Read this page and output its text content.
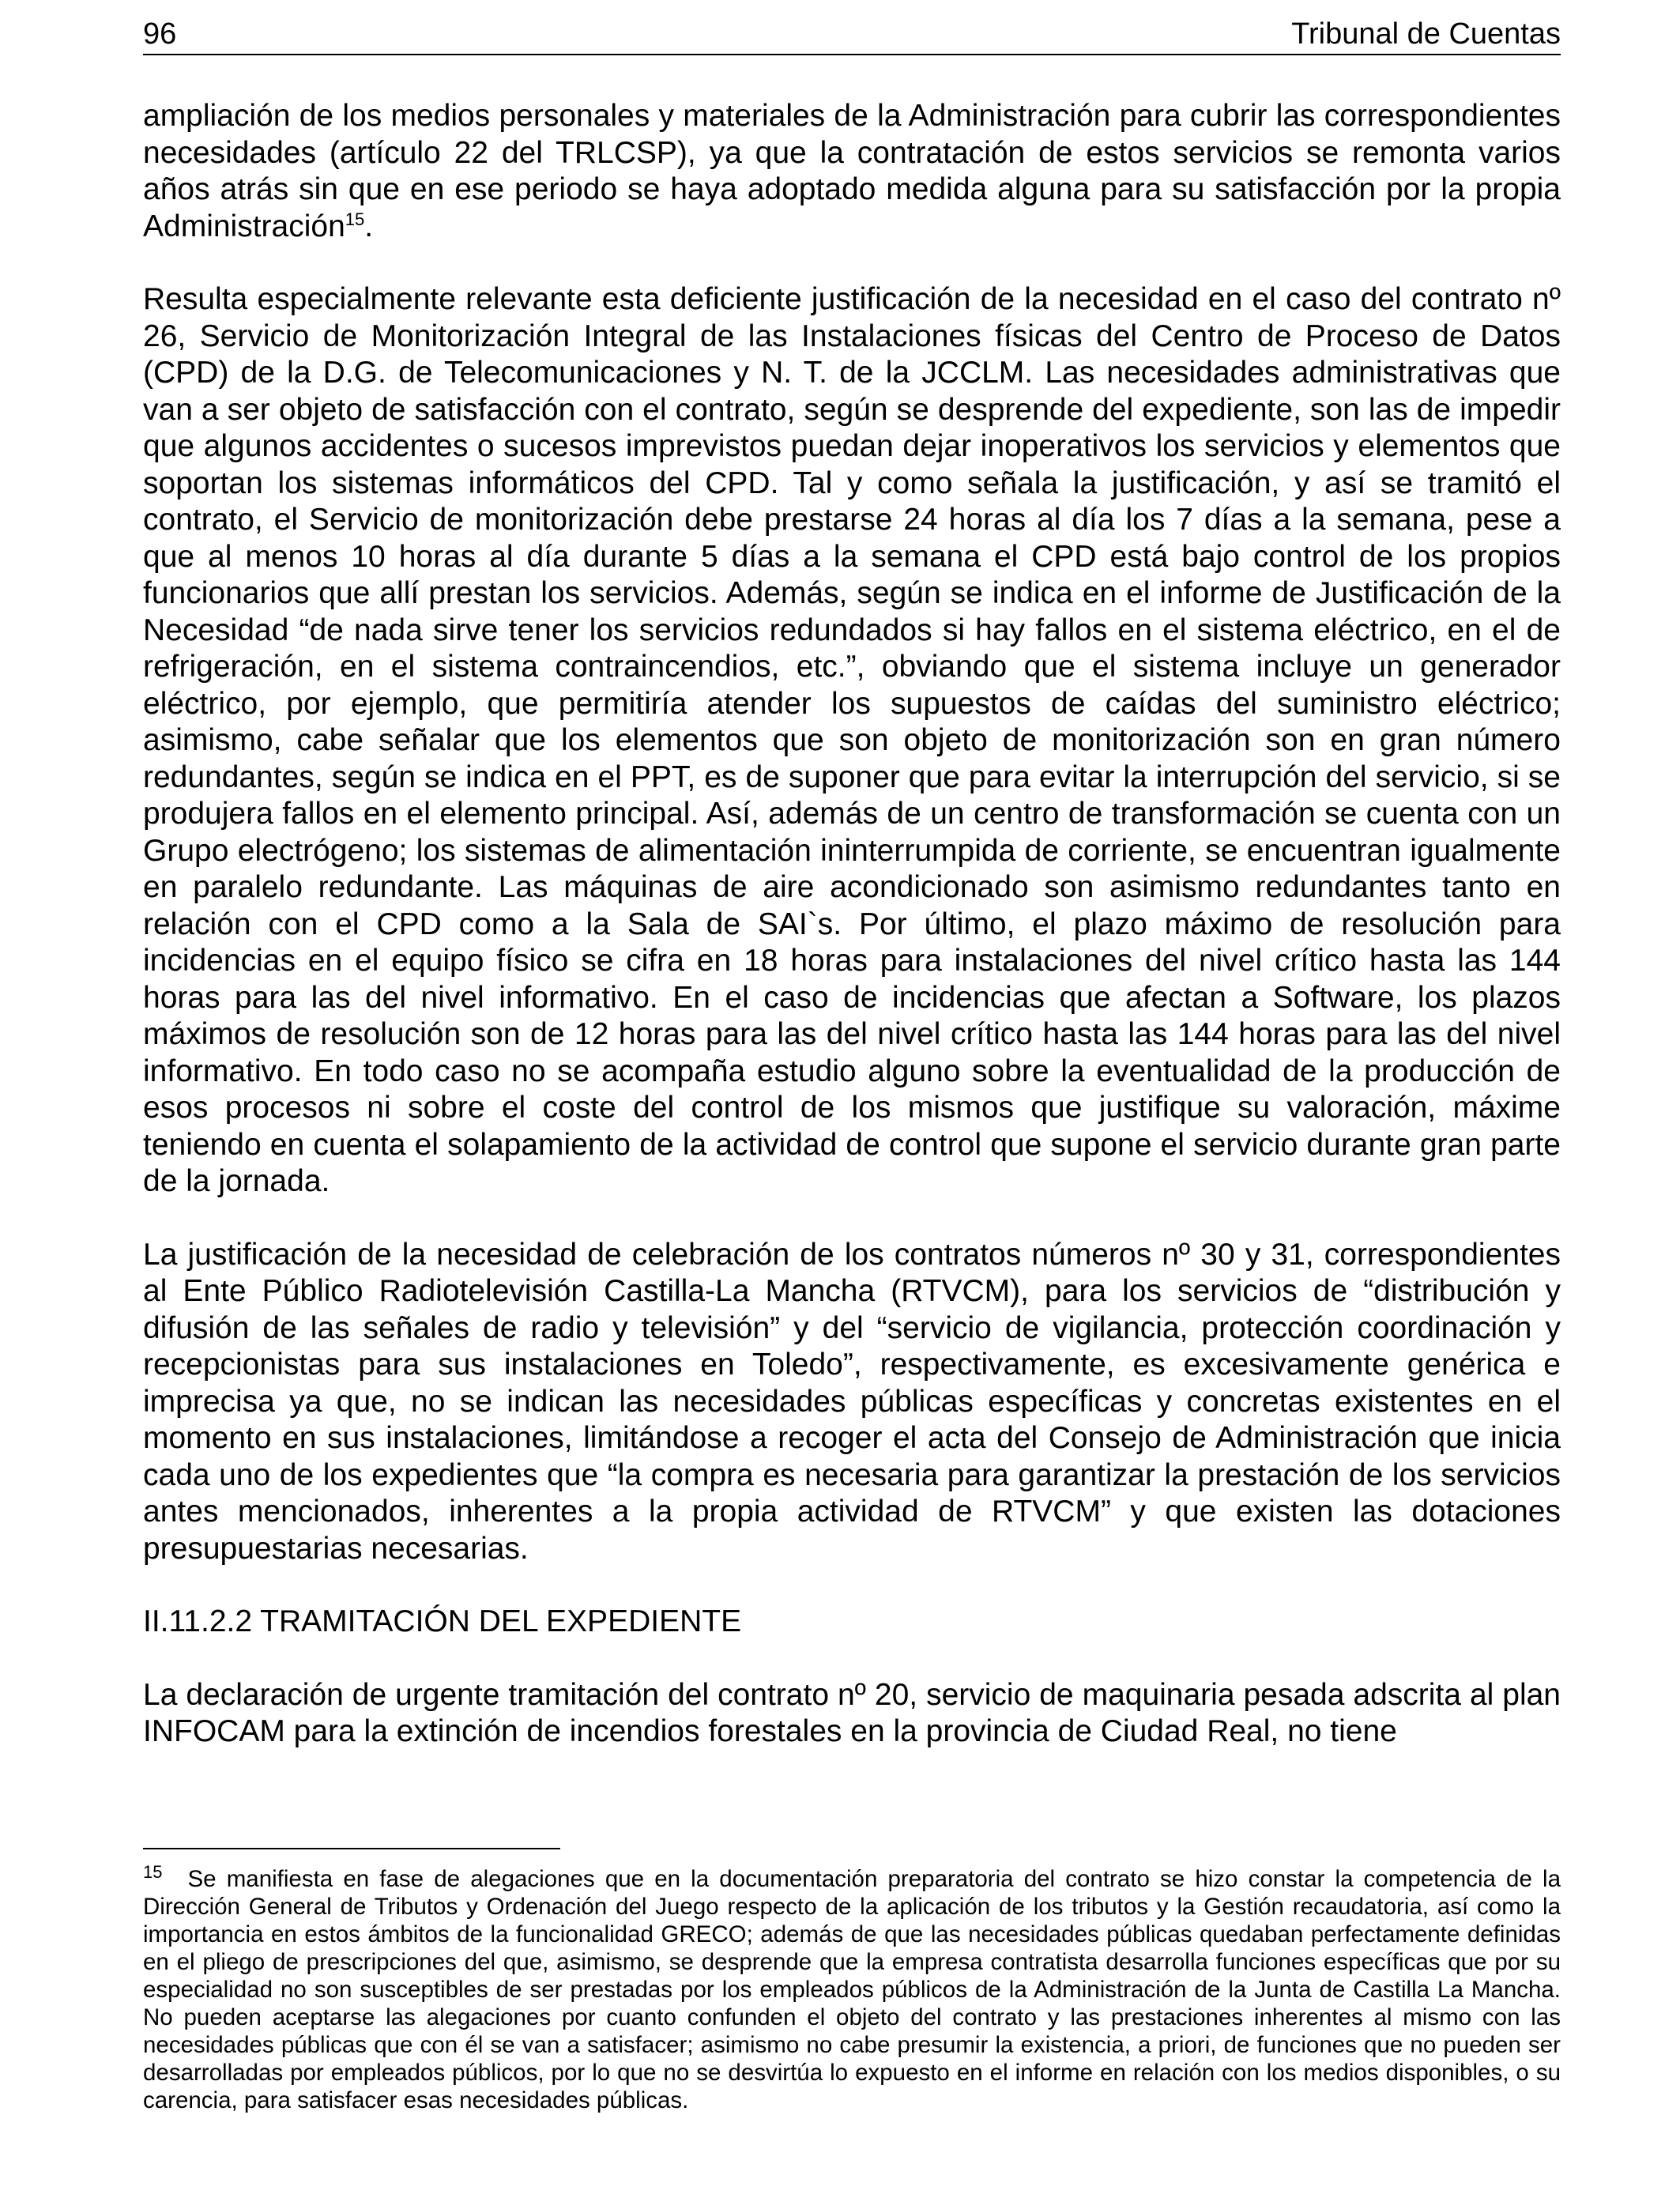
96	Tribunal de Cuentas

ampliación de los medios personales y materiales de la Administración para cubrir las correspondientes necesidades (artículo 22 del TRLCSP), ya que la contratación de estos servicios se remonta varios años atrás sin que en ese periodo se haya adoptado medida alguna para su satisfacción por la propia Administración$^{15}$.

Resulta especialmente relevante esta deficiente justificación de la necesidad en el caso del contrato nº 26, Servicio de Monitorización Integral de las Instalaciones físicas del Centro de Proceso de Datos (CPD) de la D.G. de Telecomunicaciones y N. T. de la JCCLM. Las necesidades administrativas que van a ser objeto de satisfacción con el contrato, según se desprende del expediente, son las de impedir que algunos accidentes o sucesos imprevistos puedan dejar inoperativos los servicios y elementos que soportan los sistemas informáticos del CPD. Tal y como señala la justificación, y así se tramitó el contrato, el Servicio de monitorización debe prestarse 24 horas al día los 7 días a la semana, pese a que al menos 10 horas al día durante 5 días a la semana el CPD está bajo control de los propios funcionarios que allí prestan los servicios. Además, según se indica en el informe de Justificación de la Necesidad “de nada sirve tener los servicios redundados si hay fallos en el sistema eléctrico, en el de refrigeración, en el sistema contraincendios, etc.”, obviando que el sistema incluye un generador eléctrico, por ejemplo, que permitiría atender los supuestos de caídas del suministro eléctrico; asimismo, cabe señalar que los elementos que son objeto de monitorización son en gran número redundantes, según se indica en el PPT, es de suponer que para evitar la interrupción del servicio, si se produjera fallos en el elemento principal. Así, además de un centro de transformación se cuenta con un Grupo electrógeno; los sistemas de alimentación ininterrumpida de corriente, se encuentran igualmente en paralelo redundante. Las máquinas de aire acondicionado son asimismo redundantes tanto en relación con el CPD como a la Sala de SAI`s. Por último, el plazo máximo de resolución para incidencias en el equipo físico se cifra en 18 horas para instalaciones del nivel crítico hasta las 144 horas para las del nivel informativo. En el caso de incidencias que afectan a Software, los plazos máximos de resolución son de 12 horas para las del nivel crítico hasta las 144 horas para las del nivel informativo. En todo caso no se acompaña estudio alguno sobre la eventualidad de la producción de esos procesos ni sobre el coste del control de los mismos que justifique su valoración, máxime teniendo en cuenta el solapamiento de la actividad de control que supone el servicio durante gran parte de la jornada.

La justificación de la necesidad de celebración de los contratos números nº 30 y 31, correspondientes al Ente Público Radiotelevisión Castilla-La Mancha (RTVCM), para los servicios de “distribución y difusión de las señales de radio y televisión” y del “servicio de vigilancia, protección coordinación y recepcionistas para sus instalaciones en Toledo”, respectivamente, es excesivamente genérica e imprecisa ya que, no se indican las necesidades públicas específicas y concretas existentes en el momento en sus instalaciones, limitándose a recoger el acta del Consejo de Administración que inicia cada uno de los expedientes que “la compra es necesaria para garantizar la prestación de los servicios antes mencionados, inherentes a la propia actividad de RTVCM” y que existen las dotaciones presupuestarias necesarias.

II.11.2.2 TRAMITACIÓN DEL EXPEDIENTE

La declaración de urgente tramitación del contrato nº 20, servicio de maquinaria pesada adscrita al plan INFOCAM para la extinción de incendios forestales en la provincia de Ciudad Real, no tiene

$^{15}$ Se manifiesta en fase de alegaciones que en la documentación preparatoria del contrato se hizo constar la competencia de la Dirección General de Tributos y Ordenación del Juego respecto de la aplicación de los tributos y la Gestión recaudatoria, así como la importancia en estos ámbitos de la funcionalidad GRECO; además de que las necesidades públicas quedaban perfectamente definidas en el pliego de prescripciones del que, asimismo, se desprende que la empresa contratista desarrolla funciones específicas que por su especialidad no son susceptibles de ser prestadas por los empleados públicos de la Administración de la Junta de Castilla La Mancha. No pueden aceptarse las alegaciones por cuanto confunden el objeto del contrato y las prestaciones inherentes al mismo con las necesidades públicas que con él se van a satisfacer; asimismo no cabe presumir la existencia, a priori, de funciones que no pueden ser desarrolladas por empleados públicos, por lo que no se desvirtúa lo expuesto en el informe en relación con los medios disponibles, o su carencia, para satisfacer esas necesidades públicas.
